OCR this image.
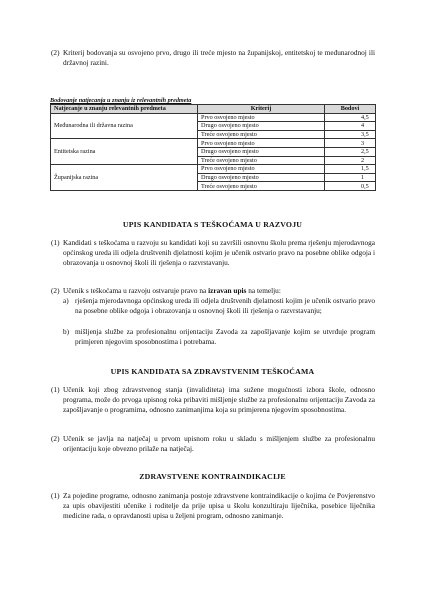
(2) Kriterij bodovanja su osvojeno prvo, drugo ili treće mjesto na županijskoj, entitetskoj te međunarodnoj ili državnoj razini.

Bodovanje natjecanja u znanju iz relevantnih predmeta

Natjecanje u znanju relevantnih predmeta	Kriterij	Bodovi
Međunarodna ili državna razina	Prvo osvojeno mjesto	4,5
	Drugo osvojeno mjesto	4
	Treće osvojeno mjesto	3,5
Entitetska razina	Prvo osvojeno mjesto	3
	Drugo osvojeno mjesto	2,5
	Treće osvojeno mjesto	2
Županijska razina	Prvo osvojeno mjesto	1,5
	Drugo osvojeno mjesto	1
	Treće osvojeno mjesto	0,5

UPIS KANDIDATA S TEŠKOĆAMA U RAZVOJU

(1) Kandidati s teškoćama u razvoju su kandidati koji su završili osnovnu školu prema rješenju mjerodavnoga općinskog ureda ili odjela društvenih djelatnosti kojim je učenik ostvario pravo na posebne oblike odgoja i obrazovanja u osnovnoj školi ili rješenja o razvrstavanju.

(2) Učenik s teškoćama u razvoju ostvaruje pravo na izravan upis na temelju:

a) rješenja mjerodavnoga općinskog ureda ili odjela društvenih djelatnosti kojim je učenik ostvario pravo na posebne oblike odgoja i obrazovanja u osnovnoj školi ili rješenja o razvrstavanju;

b) mišljenja službe za profesionalnu orijentaciju Zavoda za zapošljavanje kojim se utvrđuje program primjeren njegovim sposobnostima i potrebama.

UPIS KANDIDATA SA ZDRAVSTVENIM TEŠKOĆAMA

(1) Učenik koji zbog zdravstvenog stanja (invaliditeta) ima sužene mogućnosti izbora škole, odnosno programa, može do prvoga upisnog roka pribaviti mišljenje službe za profesionalnu orijentaciju Zavoda za zapošljavanje o programima, odnosno zanimanjima koja su primjerena njegovim sposobnostima.

(2) Učenik se javlja na natječaj u prvom upisnom roku u skladu s mišljenjem službe za profesionalnu orijentaciju koje obvezno prilaže na natječaj.

ZDRAVSTVENE KONTRAINDIKACIJE

(1) Za pojedine programe, odnosno zanimanja postoje zdravstvene kontraindikacije o kojima će Povjerenstvo za upis obavijestiti učenike i roditelje da prije upisa u školu konzultiraju liječnika, posebice liječnika medicine rada, o opravdanosti upisa u željeni program, odnosno zanimanje.
